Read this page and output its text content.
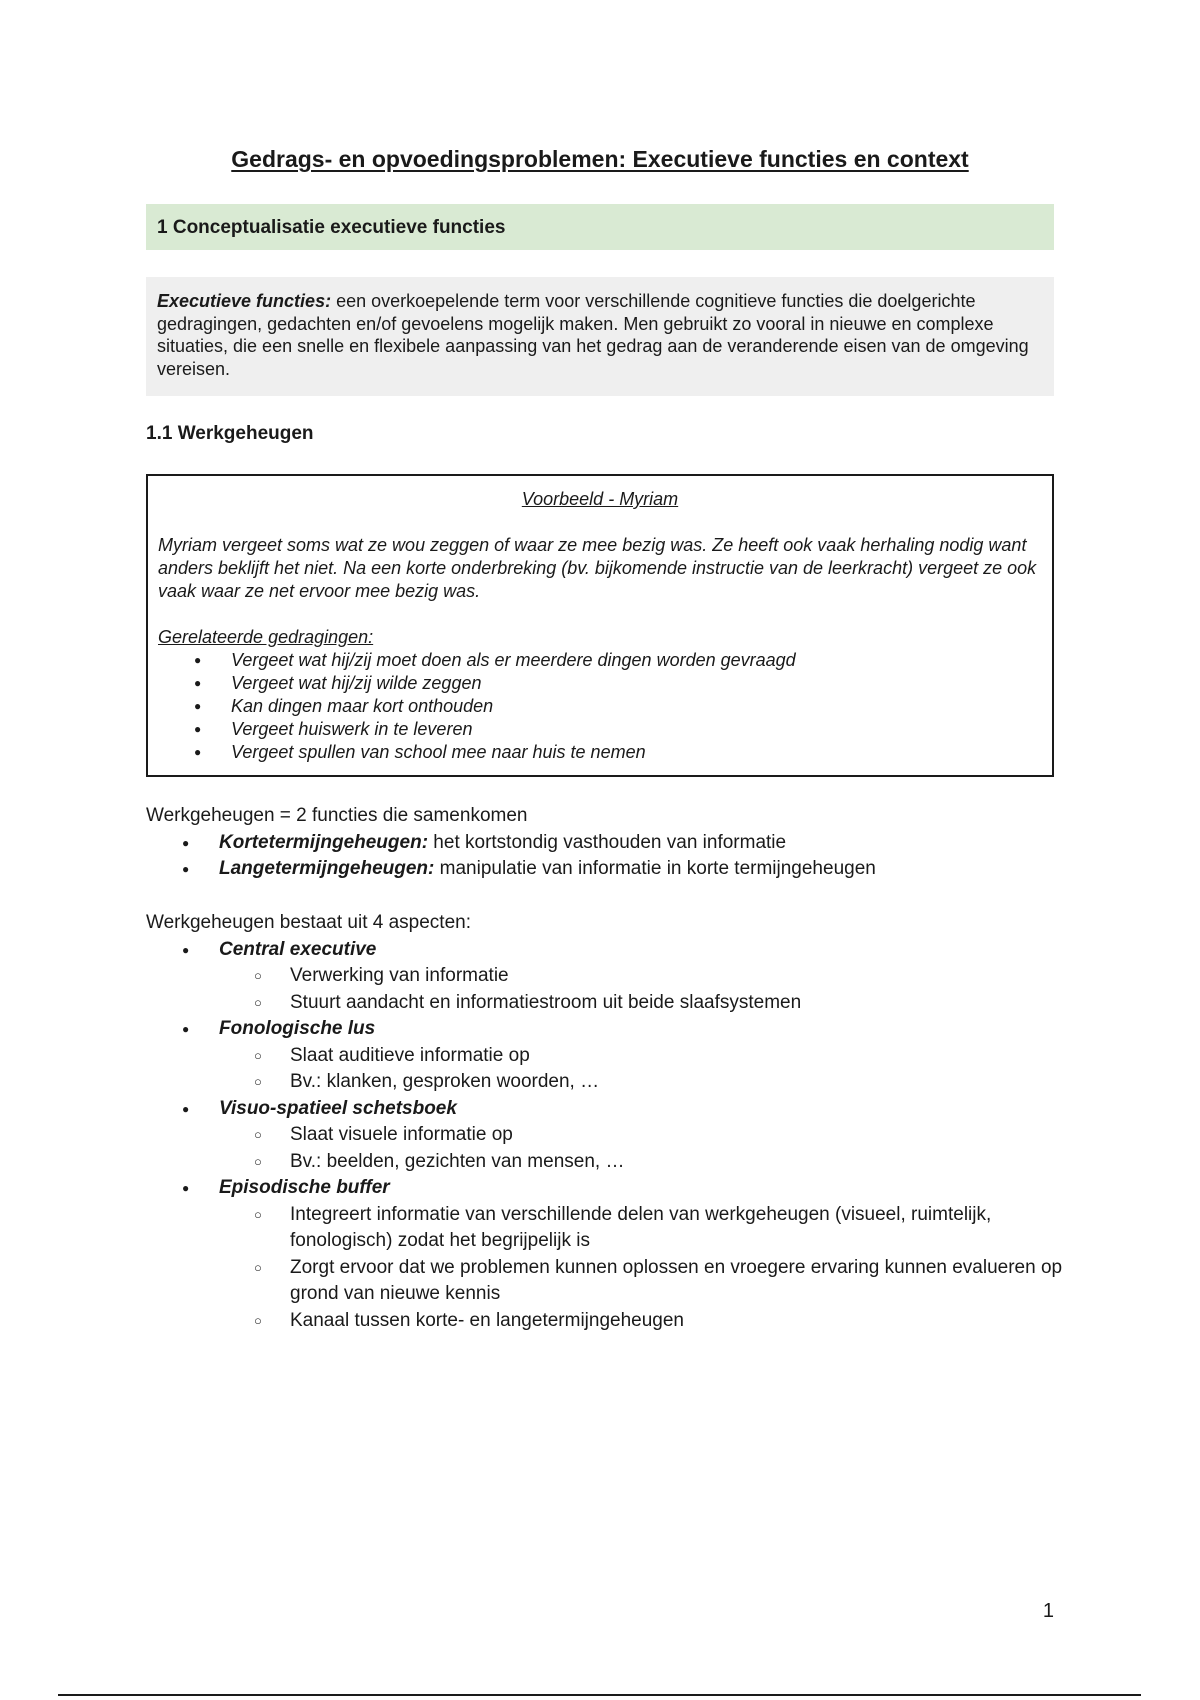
Gedrags- en opvoedingsproblemen: Executieve functies en context
1 Conceptualisatie executieve functies
Executieve functies: een overkoepelende term voor verschillende cognitieve functies die doelgerichte gedragingen, gedachten en/of gevoelens mogelijk maken. Men gebruikt zo vooral in nieuwe en complexe situaties, die een snelle en flexibele aanpassing van het gedrag aan de veranderende eisen van de omgeving vereisen.
1.1 Werkgeheugen
Voorbeeld - Myriam
Myriam vergeet soms wat ze wou zeggen of waar ze mee bezig was. Ze heeft ook vaak herhaling nodig want anders beklijft het niet. Na een korte onderbreking (bv. bijkomende instructie van de leerkracht) vergeet ze ook vaak waar ze net ervoor mee bezig was.
Gerelateerde gedragingen:
● Vergeet wat hij/zij moet doen als er meerdere dingen worden gevraagd
● Vergeet wat hij/zij wilde zeggen
● Kan dingen maar kort onthouden
● Vergeet huiswerk in te leveren
● Vergeet spullen van school mee naar huis te nemen
Werkgeheugen = 2 functies die samenkomen
● Kortetermijngeheugen: het kortstondig vasthouden van informatie
● Langetermijngeheugen: manipulatie van informatie in korte termijngeheugen
Werkgeheugen bestaat uit 4 aspecten:
● Central executive
○ Verwerking van informatie
○ Stuurt aandacht en informatiestroom uit beide slaafsystemen
● Fonologische lus
○ Slaat auditieve informatie op
○ Bv.: klanken, gesproken woorden, …
● Visuo-spatieel schetsboek
○ Slaat visuele informatie op
○ Bv.: beelden, gezichten van mensen, …
● Episodische buffer
○ Integreert informatie van verschillende delen van werkgeheugen (visueel, ruimtelijk, fonologisch) zodat het begrijpelijk is
○ Zorgt ervoor dat we problemen kunnen oplossen en vroegere ervaring kunnen evalueren op grond van nieuwe kennis
○ Kanaal tussen korte- en langetermijngeheugen
1
